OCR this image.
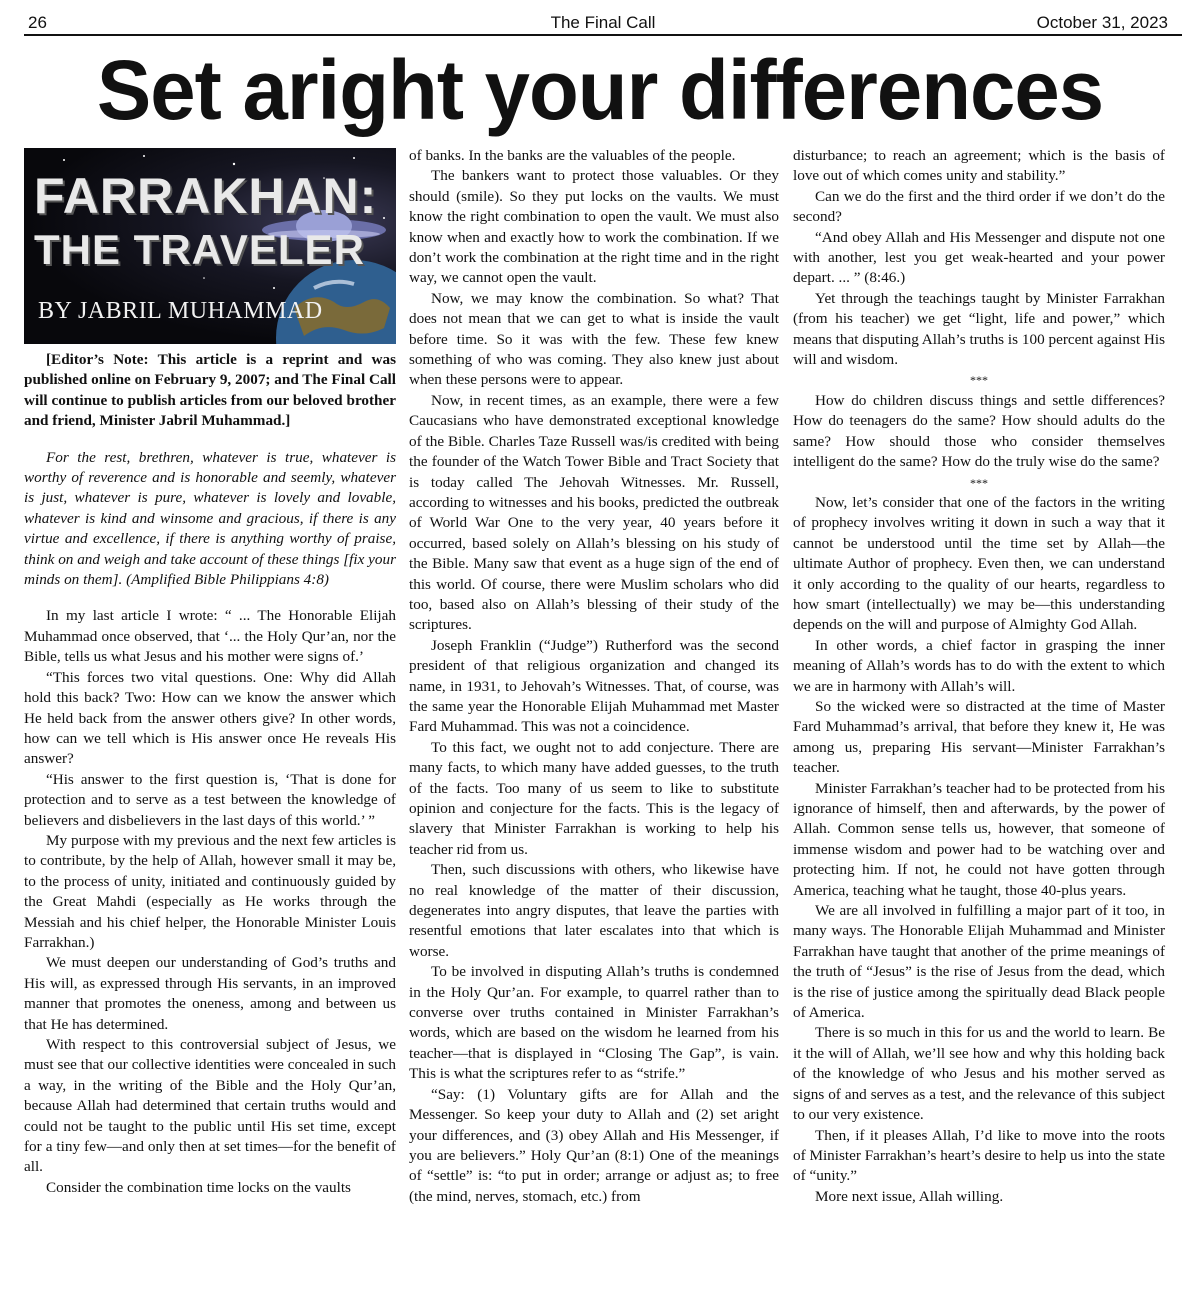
26	The Final Call	October 31, 2023
Set aright your differences
FARRAKHAN:
THE TRAVELER
BY JABRIL MUHAMMAD

[Editor’s Note: This article is a reprint and was published online on February 9, 2007; and The Final Call will continue to publish articles from our beloved brother and friend, Minister Jabril Muhammad.]

For the rest, brethren, whatever is true, whatever is worthy of reverence and is honorable and seemly, whatever is just, whatever is pure, whatever is lovely and lovable, whatever is kind and winsome and gracious, if there is any virtue and excellence, if there is anything worthy of praise, think on and weigh and take account of these things [fix your minds on them]. (Amplified Bible Philippians 4:8)

In my last article I wrote: “ ... The Honorable Elijah Muhammad once observed, that ‘... the Holy Qur’an, nor the Bible, tells us what Jesus and his mother were signs of.’

“This forces two vital questions. One: Why did Allah hold this back? Two: How can we know the answer which He held back from the answer others give? In other words, how can we tell which is His answer once He reveals His answer?

“His answer to the first question is, ‘That is done for protection and to serve as a test between the knowledge of believers and disbelievers in the last days of this world.’ ”

My purpose with my previous and the next few articles is to contribute, by the help of Allah, however small it may be, to the process of unity, initiated and continuously guided by the Great Mahdi (especially as He works through the Messiah and his chief helper, the Honorable Minister Louis Farrakhan.)

We must deepen our understanding of God’s truths and His will, as expressed through His servants, in an improved manner that promotes the oneness, among and between us that He has determined.

With respect to this controversial subject of Jesus, we must see that our collective identities were concealed in such a way, in the writing of the Bible and the Holy Qur’an, because Allah had determined that certain truths would and could not be taught to the public until His set time, except for a tiny few—and only then at set times—for the benefit of all.

Consider the combination time locks on the vaults

of banks. In the banks are the valuables of the people.

The bankers want to protect those valuables. Or they should (smile). So they put locks on the vaults. We must know the right combination to open the vault. We must also know when and exactly how to work the combination. If we don’t work the combination at the right time and in the right way, we cannot open the vault.

Now, we may know the combination. So what? That does not mean that we can get to what is inside the vault before time. So it was with the few. These few knew something of who was coming. They also knew just about when these persons were to appear.

Now, in recent times, as an example, there were a few Caucasians who have demonstrated exceptional knowledge of the Bible. Charles Taze Russell was/is credited with being the founder of the Watch Tower Bible and Tract Society that is today called The Jehovah Witnesses. Mr. Russell, according to witnesses and his books, predicted the outbreak of World War One to the very year, 40 years before it occurred, based solely on Allah’s blessing on his study of the Bible. Many saw that event as a huge sign of the end of this world. Of course, there were Muslim scholars who did too, based also on Allah’s blessing of their study of the scriptures.

Joseph Franklin (“Judge”) Rutherford was the second president of that religious organization and changed its name, in 1931, to Jehovah’s Witnesses. That, of course, was the same year the Honorable Elijah Muhammad met Master Fard Muhammad. This was not a coincidence.

To this fact, we ought not to add conjecture. There are many facts, to which many have added guesses, to the truth of the facts. Too many of us seem to like to substitute opinion and conjecture for the facts. This is the legacy of slavery that Minister Farrakhan is working to help his teacher rid from us.

Then, such discussions with others, who likewise have no real knowledge of the matter of their discussion, degenerates into angry disputes, that leave the parties with resentful emotions that later escalates into that which is worse.

To be involved in disputing Allah’s truths is condemned in the Holy Qur’an. For example, to quarrel rather than to converse over truths contained in Minister Farrakhan’s words, which are based on the wisdom he learned from his teacher—that is displayed in “Closing The Gap”, is vain. This is what the scriptures refer to as “strife.”

“Say: (1) Voluntary gifts are for Allah and the Messenger. So keep your duty to Allah and (2) set aright your differences, and (3) obey Allah and His Messenger, if you are believers.” Holy Qur’an (8:1) One of the meanings of “settle” is: “to put in order; arrange or adjust as; to free (the mind, nerves, stomach, etc.) from

disturbance; to reach an agreement; which is the basis of love out of which comes unity and stability.”

Can we do the first and the third order if we don’t do the second?

“And obey Allah and His Messenger and dispute not one with another, lest you get weak-hearted and your power depart. ... ” (8:46.)

Yet through the teachings taught by Minister Farrakhan (from his teacher) we get “light, life and power,” which means that disputing Allah’s truths is 100 percent against His will and wisdom.

***

How do children discuss things and settle differences? How do teenagers do the same? How should adults do the same? How should those who consider themselves intelligent do the same? How do the truly wise do the same?

***

Now, let’s consider that one of the factors in the writing of prophecy involves writing it down in such a way that it cannot be understood until the time set by Allah—the ultimate Author of prophecy. Even then, we can understand it only according to the quality of our hearts, regardless to how smart (intellectually) we may be—this understanding depends on the will and purpose of Almighty God Allah.

In other words, a chief factor in grasping the inner meaning of Allah’s words has to do with the extent to which we are in harmony with Allah’s will.

So the wicked were so distracted at the time of Master Fard Muhammad’s arrival, that before they knew it, He was among us, preparing His servant—Minister Farrakhan’s teacher.

Minister Farrakhan’s teacher had to be protected from his ignorance of himself, then and afterwards, by the power of Allah. Common sense tells us, however, that someone of immense wisdom and power had to be watching over and protecting him. If not, he could not have gotten through America, teaching what he taught, those 40-plus years.

We are all involved in fulfilling a major part of it too, in many ways. The Honorable Elijah Muhammad and Minister Farrakhan have taught that another of the prime meanings of the truth of “Jesus” is the rise of Jesus from the dead, which is the rise of justice among the spiritually dead Black people of America.

There is so much in this for us and the world to learn. Be it the will of Allah, we’ll see how and why this holding back of the knowledge of who Jesus and his mother served as signs of and serves as a test, and the relevance of this subject to our very existence.

Then, if it pleases Allah, I’d like to move into the roots of Minister Farrakhan’s heart’s desire to help us into the state of “unity.”

More next issue, Allah willing.
